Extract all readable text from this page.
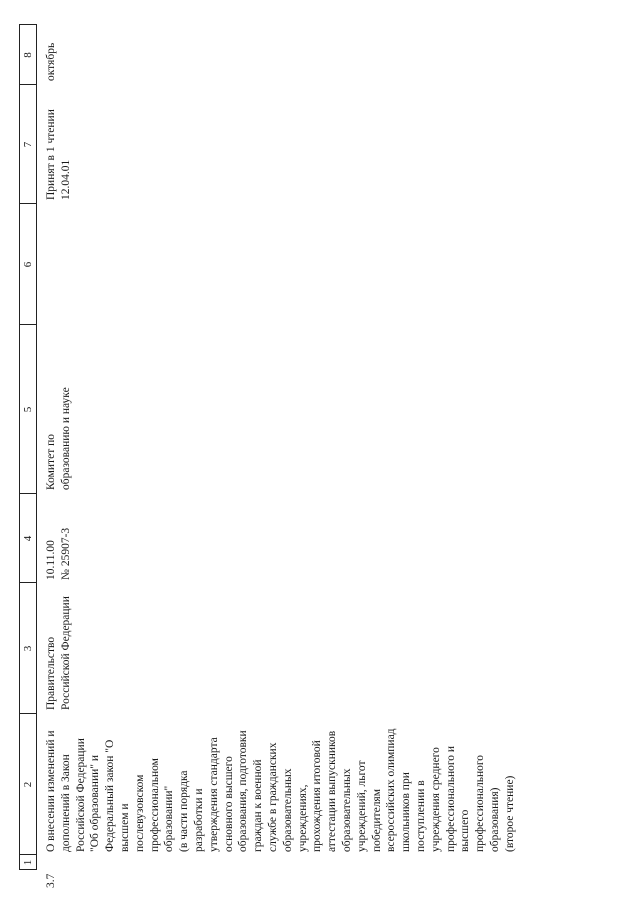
1
2
3
4
5
6
7
8
3.7
О внесении изменений и дополнений в Закон Российской Федерации "Об образовании" и Федеральный закон "О высшем и послевузовском профессиональном образовании" (в части порядка разработки и утверждения стандарта основного высшего образования, подготовки граждан к военной службе в гражданских образовательных учреждениях, прохождения итоговой аттестации выпускников образовательных учреждений, льгот победителям всероссийских олимпиад школьников при поступлении в учреждения среднего профессионального и высшего профессионального образования) (второе чтение)
Правительство Российской Федерации
10.11.00 № 25907-3
Комитет по образованию и науке
Принят в 1 чтении 12.04.01
октябрь
